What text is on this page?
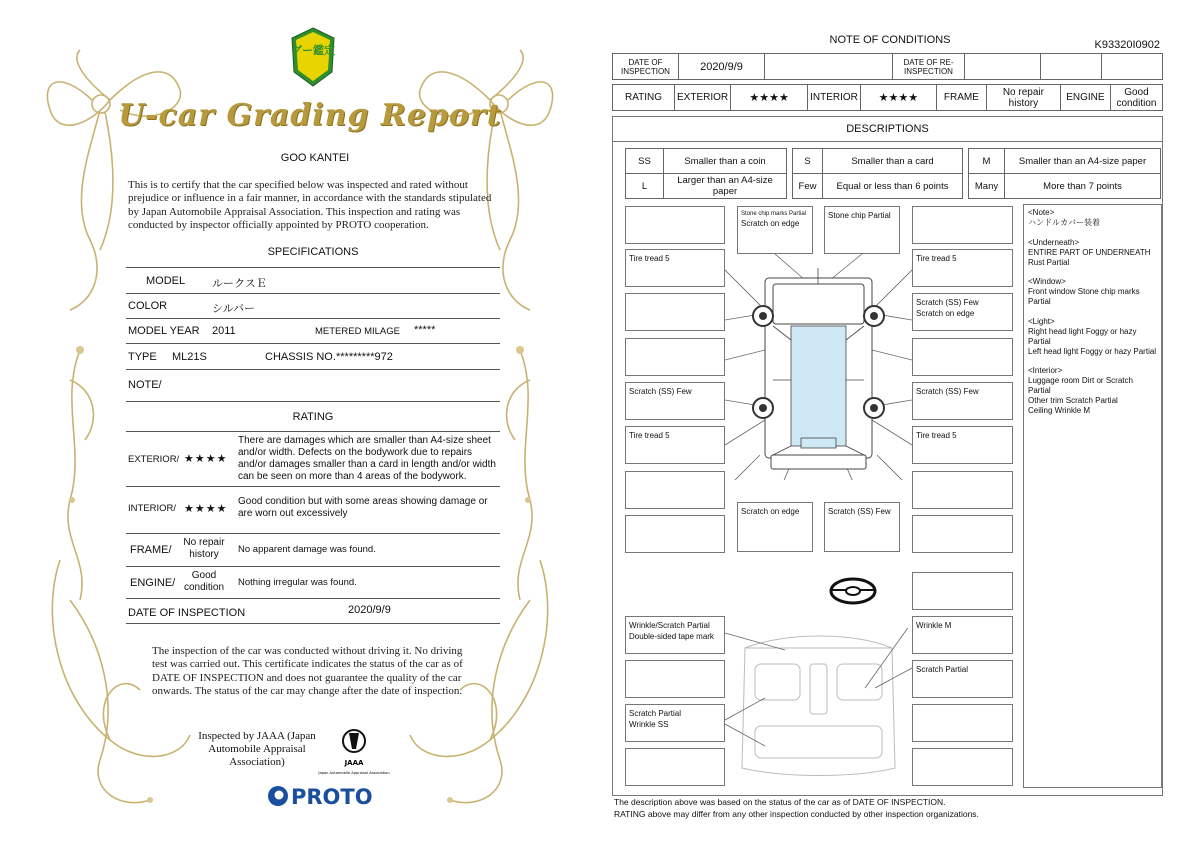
グー鑑定
U-car Grading Report
GOO KANTEI
This is to certify that the car specified below was inspected and rated without prejudice or influence in a fair manner, in accordance with the standards stipulated by Japan Automobile Appraisal Association. This inspection and rating was conducted by inspector officially appointed by PROTO cooperation.
SPECIFICATIONS
MODEL ルークスＥ
COLOR	シルバー
MODEL YEAR 2011	METERED MILAGE *****
TYPE ML21S	CHASSIS NO. *********972
NOTE/
RATING
EXTERIOR/ ★★★★
There are damages which are smaller than A4-size sheet and/or width. Defects on the bodywork due to repairs and/or damages smaller than a card in length and/or width can be seen on more than 4 areas of the bodywork.
INTERIOR/ ★★★★
Good condition but with some areas showing damage or are worn out excessively
FRAME/
No repair history	No apparent damage was found.
ENGINE/
Good condition	Nothing irregular was found.
DATE OF INSPECTION	2020/9/9
The inspection of the car was conducted without driving it. No driving test was carried out. This certificate indicates the status of the car as of DATE OF INSPECTION and does not guarantee the quality of the car onwards. The status of the car may change after the date of inspection.
Inspected by JAAA (Japan Automobile Appraisal Association)	JAAA
Japan Automobile Appraisal Association
PROTO
NOTE OF CONDITIONS	K93320I0902
DATE OF INSPECTION	2020/9/9		DATE OF RE-INSPECTION			
RATING	EXTERIOR	★★★★	INTERIOR	★★★★	FRAME	No repair history	ENGINE	Good condition
DESCRIPTIONS
SS	Smaller than a coin		S	Smaller than a card		M	Smaller than an A4-size paper
L	Larger than an A4-size paper		Few	Equal or less than 6 points		Many	More than 7 points
Tire tread 5
Scratch (SS) Few
Tire tread 5
Stone chip marks Partial
Scratch on edge
Stone chip Partial
Tire tread 5
Scratch (SS) Few
Scratch on edge
Scratch (SS) Few
Tire tread 5
Scratch on edge	Scratch (SS) Few
Wrinkle/Scratch Partial
Double-sided tape mark
Wrinkle M
Scratch Partial
Scratch Partial
Wrinkle SS
<Note>
ハンドルカバー装着
<Underneath>
ENTIRE PART OF UNDERNEATH Rust Partial
<Window>
Front window Stone chip marks Partial
<Light>
Right head light Foggy or hazy Partial
Left head light Foggy or hazy Partial
<Interior>
Luggage room Dirt or Scratch Partial
Other trim Scratch Partial
Ceiling Wrinkle M
The description above was based on the status of the car as of DATE OF INSPECTION.
RATING above may differ from any other inspection conducted by other inspection organizations.
